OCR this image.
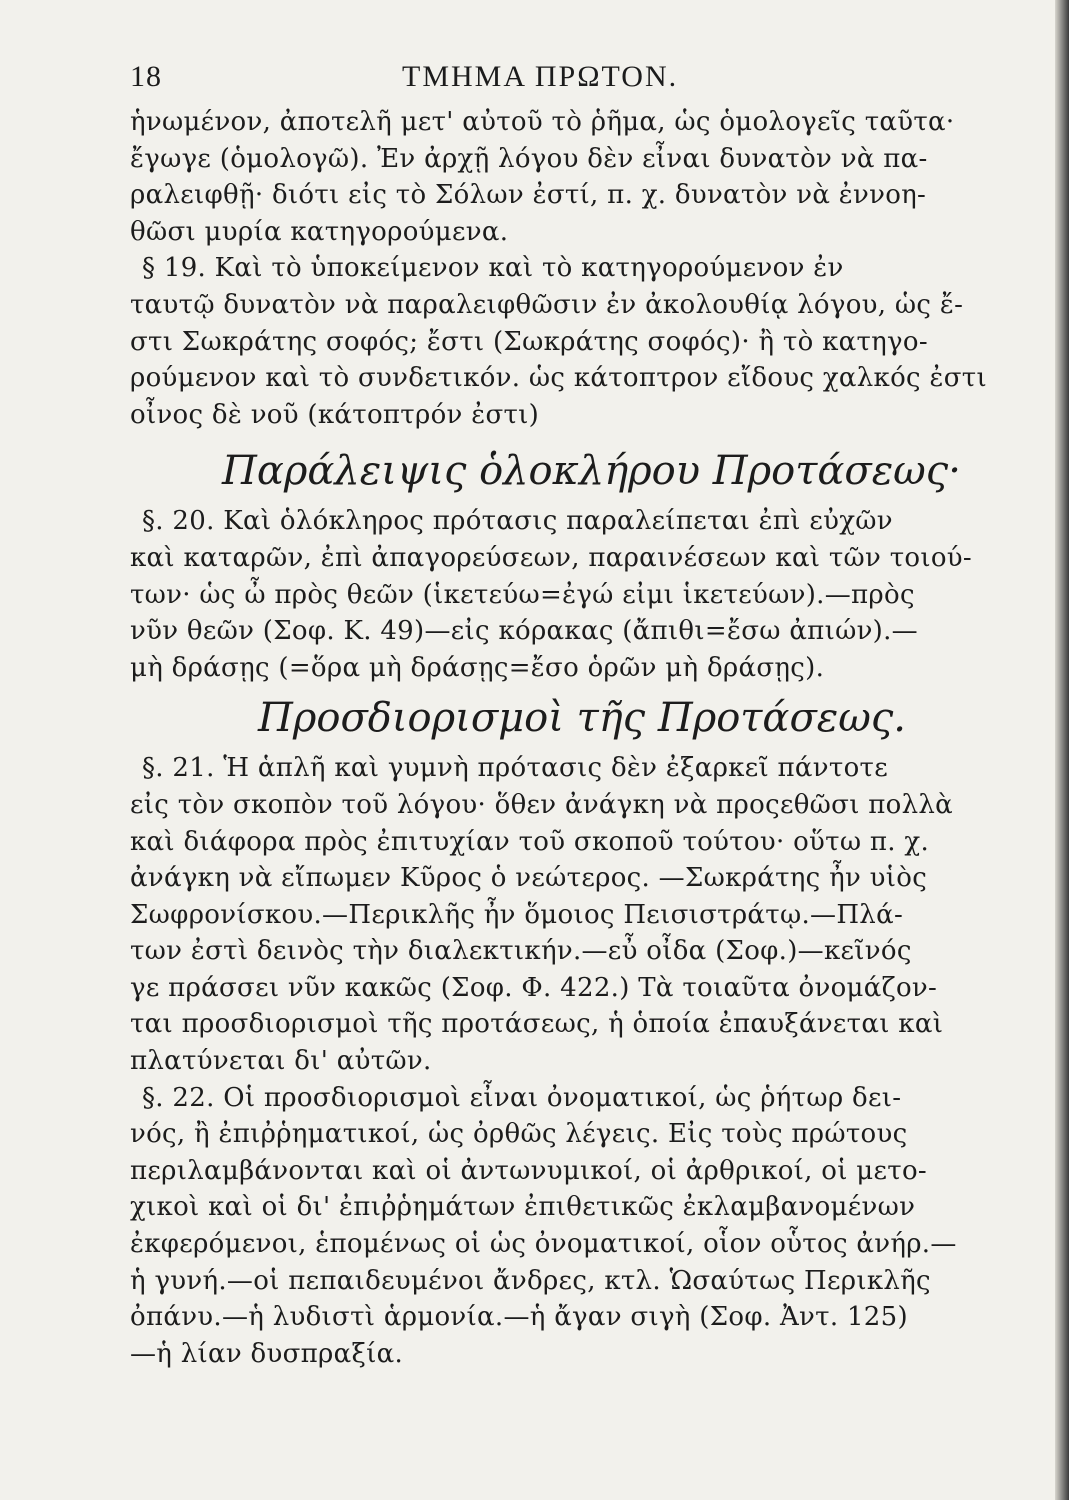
18	ΤΜΗΜΑ ΠΡΩΤΟΝ.
ἡνωμένον, ἀποτελῆ μετ' αὐτοῦ τὸ ῥῆμα, ὡς ὁμολογεῖς ταῦτα·
ἔγωγε (ὁμολογῶ). Ἐν ἀρχῇ λόγου δὲν εἶναι δυνατὸν νὰ πα-
ραλειφθῇ· διότι εἰς τὸ Σόλων ἐστί, π. χ. δυνατὸν νὰ ἐννοη-
θῶσι μυρία κατηγορούμενα.
§ 19. Καὶ τὸ ὑποκείμενον καὶ τὸ κατηγορούμενον ἐν
ταυτῷ δυνατὸν νὰ παραλειφθῶσιν ἐν ἀκολουθίᾳ λόγου, ὡς ἔ-
στι Σωκράτης σοφός; ἔστι (Σωκράτης σοφός)· ἢ τὸ κατηγο-
ρούμενον καὶ τὸ συνδετικόν. ὡς κάτοπτρον εἴδους χαλκός ἐστι
οἶνος δὲ νοῦ (κάτοπτρόν ἐστι)
Παράλειψις ὁλοκλήρου Προτάσεως·
§. 20. Καὶ ὁλόκληρος πρότασις παραλείπεται ἐπὶ εὐχῶν
καὶ καταρῶν, ἐπὶ ἀπαγορεύσεων, παραινέσεων καὶ τῶν τοιού-
των· ὡς ὦ πρὸς θεῶν (ἱκετεύω=ἐγώ εἰμι ἱκετεύων).—πρὸς
νῦν θεῶν (Σοφ. Κ. 49)—εἰς κόρακας (ἄπιθι=ἔσω ἀπιών).—
μὴ δράσῃς (=ὅρα μὴ δράσῃς=ἔσο ὁρῶν μὴ δράσῃς).
Προσδιορισμοὶ τῆς Προτάσεως.
§. 21. Ἡ ἁπλῆ καὶ γυμνὴ πρότασις δὲν ἐξαρκεῖ πάντοτε
εἰς τὸν σκοπὸν τοῦ λόγου· ὅθεν ἀνάγκη νὰ προςεθῶσι πολλὰ
καὶ διάφορα πρὸς ἐπιτυχίαν τοῦ σκοποῦ τούτου· οὕτω π. χ.
ἀνάγκη νὰ εἴπωμεν Κῦρος ὁ νεώτερος. —Σωκράτης ἦν υἱὸς
Σωφρονίσκου.—Περικλῆς ἦν ὅμοιος Πεισιστράτῳ.—Πλά-
των ἐστὶ δεινὸς τὴν διαλεκτικήν.—εὖ οἶδα (Σοφ.)—κεῖνός
γε πράσσει νῦν κακῶς (Σοφ. Φ. 422.) Τὰ τοιαῦτα ὀνομάζον-
ται προσδιορισμοὶ τῆς προτάσεως, ἡ ὁποία ἐπαυξάνεται καὶ
πλατύνεται δι' αὐτῶν.
§. 22. Οἱ προσδιορισμοὶ εἶναι ὀνοματικοί, ὡς ῥήτωρ δει-
νός, ἢ ἐπιῤῥηματικοί, ὡς ὀρθῶς λέγεις. Εἰς τοὺς πρώτους
περιλαμβάνονται καὶ οἱ ἀντωνυμικοί, οἱ ἀρθρικοί, οἱ μετο-
χικοὶ καὶ οἱ δι' ἐπιῤῥημάτων ἐπιθετικῶς ἐκλαμβανομένων
ἐκφερόμενοι, ἑπομένως οἱ ὡς ὀνοματικοί, οἷον οὗτος ἀνήρ.—
ἡ γυνή.—οἱ πεπαιδευμένοι ἄνδρες, κτλ. Ὡσαύτως Περικλῆς
ὀπάνυ.—ἡ λυδιστὶ ἁρμονία.—ἡ ἄγαν σιγὴ (Σοφ. Ἀντ. 125)
—ἡ λίαν δυσπραξία.
